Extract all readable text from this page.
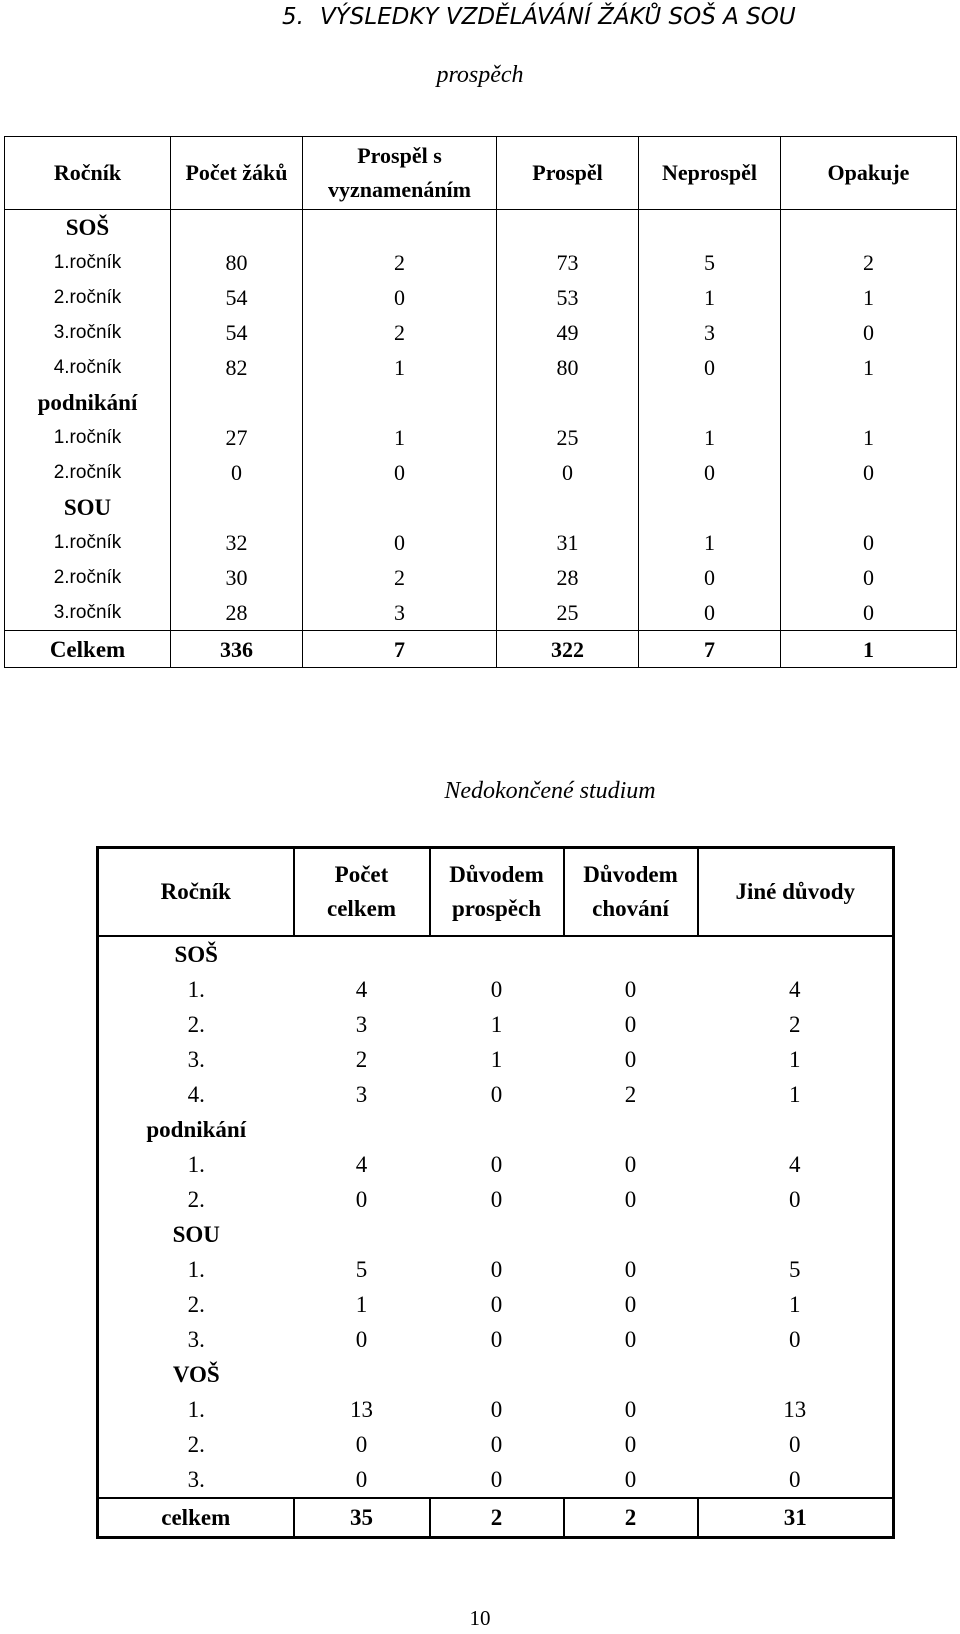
5. VÝSLEDKY VZDĚLÁVÁNÍ ŽÁKŮ SOŠ A SOU
prospěch
Ročník	Počet žáků	Prospěl s vyznamenáním	Prospěl	Neprospěl	Opakuje
SOŠ					
1.ročník	80	2	73	5	2
2.ročník	54	0	53	1	1
3.ročník	54	2	49	3	0
4.ročník	82	1	80	0	1
podnikání					
1.ročník	27	1	25	1	1
2.ročník	0	0	0	0	0
SOU					
1.ročník	32	0	31	1	0
2.ročník	30	2	28	0	0
3.ročník	28	3	25	0	0
Celkem	336	7	322	7	1
Nedokončené studium
Ročník	Počet celkem	Důvodem prospěch	Důvodem chování	Jiné důvody
SOŠ				
1.	4	0	0	4
2.	3	1	0	2
3.	2	1	0	1
4.	3	0	2	1
podnikání				
1.	4	0	0	4
2.	0	0	0	0
SOU				
1.	5	0	0	5
2.	1	0	0	1
3.	0	0	0	0
VOŠ				
1.	13	0	0	13
2.	0	0	0	0
3.	0	0	0	0
celkem	35	2	2	31
10
